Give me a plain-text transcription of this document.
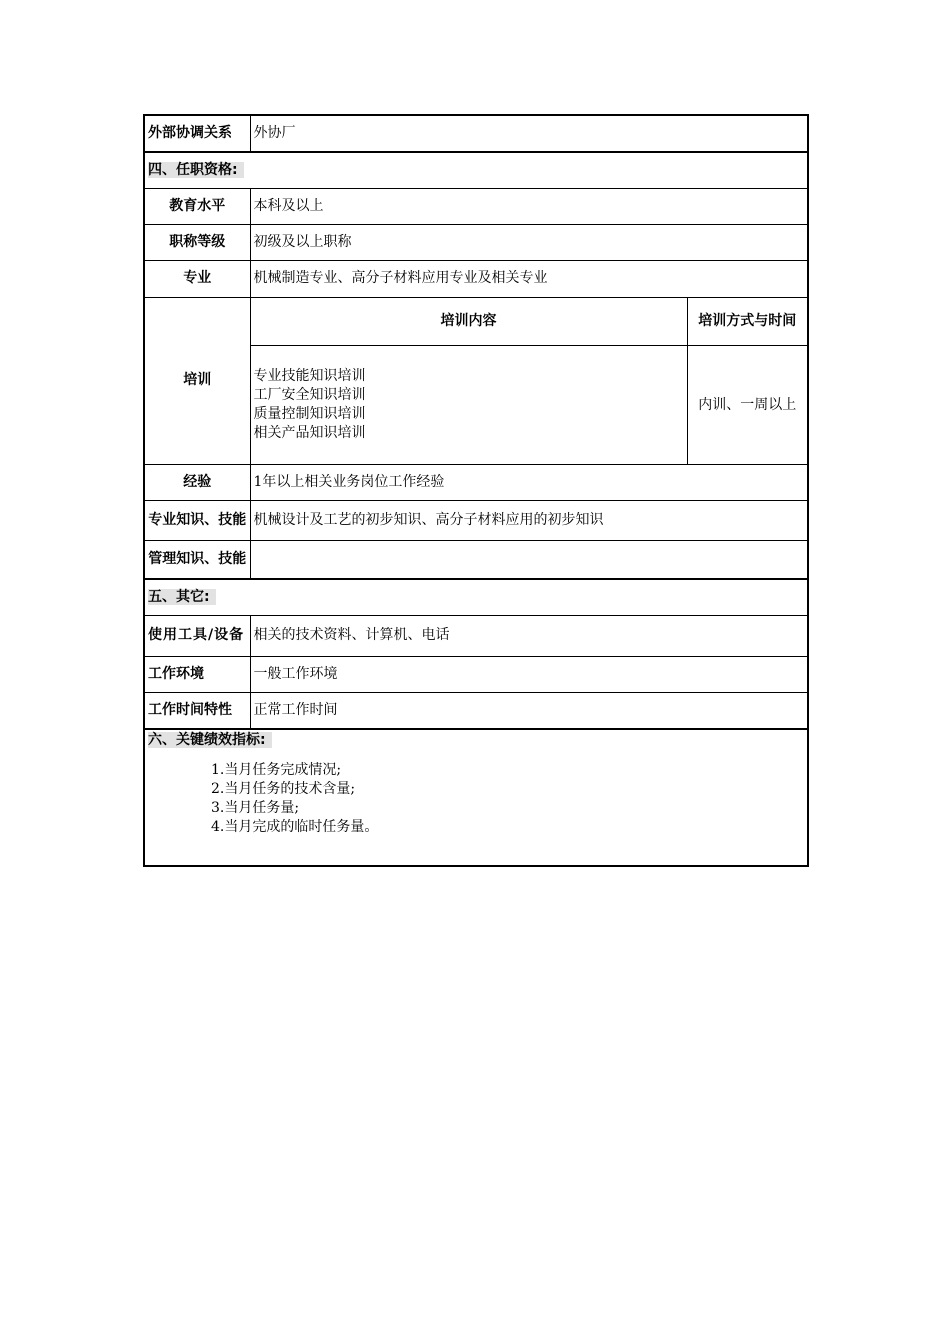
外部协调关系	外协厂	
四、任职资格:		
教育水平	本科及以上	
职称等级	初级及以上职称	
专业	机械制造专业、高分子材料应用专业及相关专业	
培训	培训内容	培训方式与时间

	专业技能知识培训
工厂安全知识培训
质量控制知识培训
相关产品知识培训	内训、一周以上
经验	1年以上相关业务岗位工作经验	
专业知识、技能	机械设计及工艺的初步知识、高分子材料应用的初步知识	
管理知识、技能		
五、其它:		
使用工具/设备	相关的技术资料、计算机、电话	
工作环境	一般工作环境	
工作时间特性	正常工作时间	

六、关键绩效指标:
1.当月任务完成情况;
2.当月任务的技术含量;
3.当月任务量;
4.当月完成的临时任务量。		
